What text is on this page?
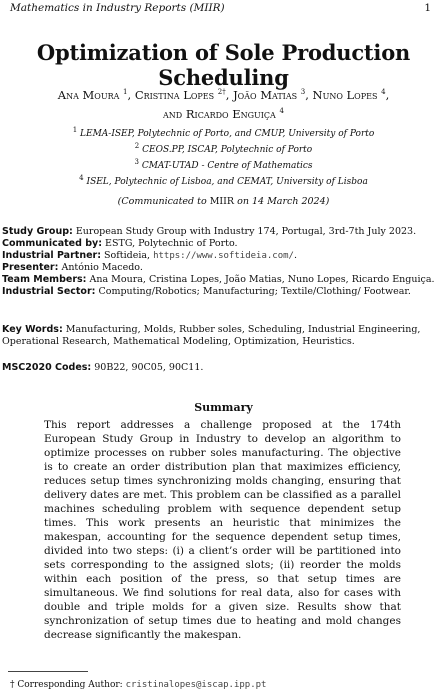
Mathematics in Industry Reports (MIIR)	1
Optimization of Sole Production Scheduling
Ana Moura $^1$, Cristina Lopes $^{2\dagger}$, João Matias $^3$, Nuno Lopes $^4$,
and Ricardo Enguiça $^4$
$^1$ LEMA-ISEP, Polytechnic of Porto, and CMUP, University of Porto
$^2$ CEOS.PP, ISCAP, Polytechnic of Porto
$^3$ CMAT-UTAD - Centre of Mathematics
$^4$ ISEL, Polytechnic of Lisboa, and CEMAT, University of Lisboa
(Communicated to MIIR on 14 March 2024)
Study Group: European Study Group with Industry 174, Portugal, 3rd-7th July 2023.
Communicated by: ESTG, Polytechnic of Porto.
Industrial Partner: Softideia, https://www.softideia.com/.
Presenter: António Macedo.
Team Members: Ana Moura, Cristina Lopes, João Matias, Nuno Lopes, Ricardo Enguiça.
Industrial Sector: Computing/Robotics; Manufacturing; Textile/Clothing/ Footwear.
Key Words: Manufacturing, Molds, Rubber soles, Scheduling, Industrial Engineering, Operational Research, Mathematical Modeling, Optimization, Heuristics.
MSC2020 Codes: 90B22, 90C05, 90C11.
Summary
This report addresses a challenge proposed at the 174th European Study Group in Industry to develop an algorithm to optimize processes on rubber soles manufacturing. The objective is to create an order distribution plan that maximizes efficiency, reduces setup times synchronizing molds changing, ensuring that delivery dates are met. This problem can be classified as a parallel machines scheduling problem with sequence dependent setup times. This work presents an heuristic that minimizes the makespan, accounting for the sequence dependent setup times, divided into two steps: (i) a client’s order will be partitioned into sets corresponding to the assigned slots; (ii) reorder the molds within each position of the press, so that setup times are simultaneous. We find solutions for real data, also for cases with double and triple molds for a given size. Results show that synchronization of setup times due to heating and mold changes decrease significantly the makespan.
† Corresponding Author: cristinalopes@iscap.ipp.pt
